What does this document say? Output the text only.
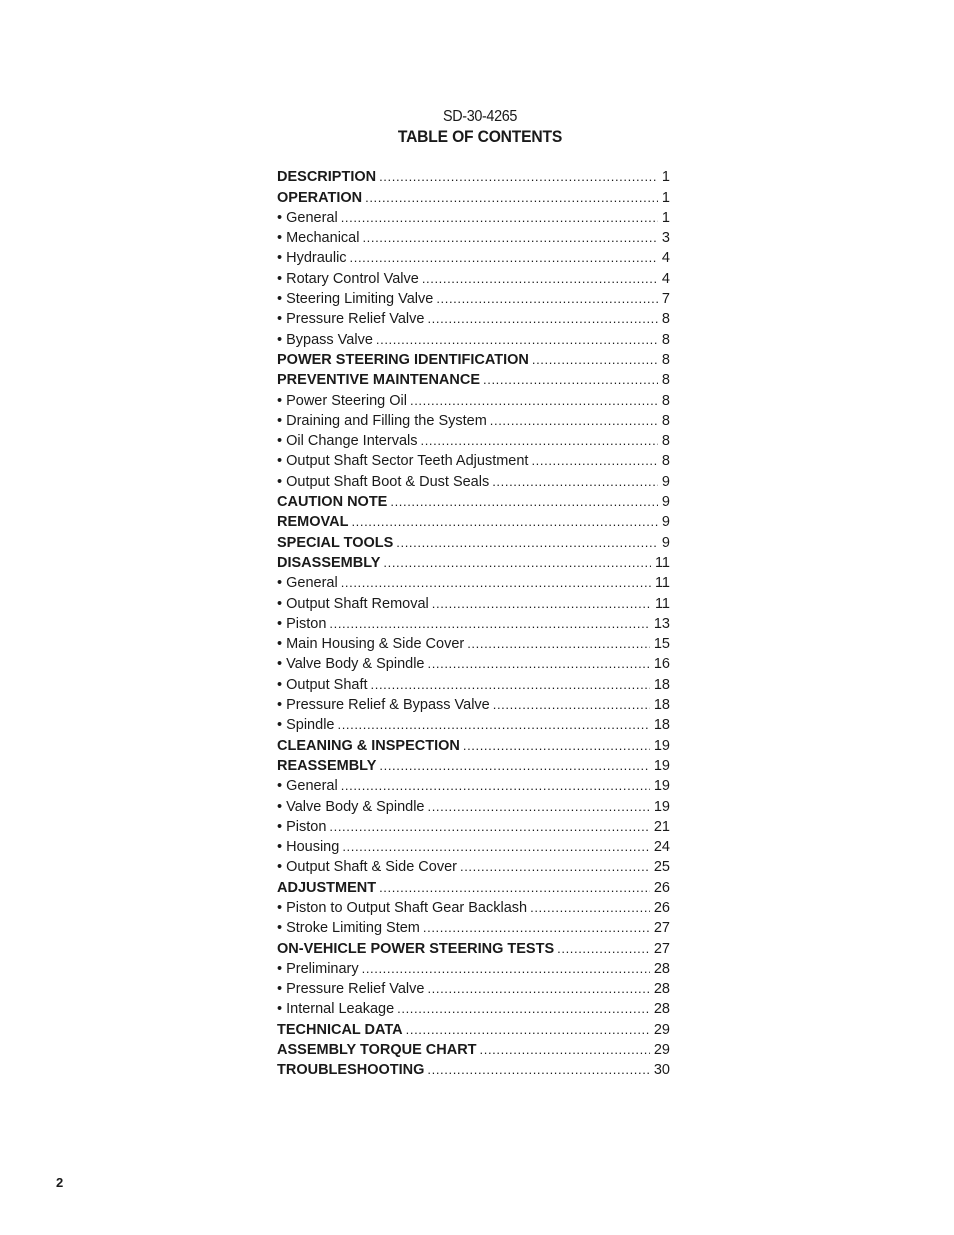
SD-30-4265
TABLE OF CONTENTS
DESCRIPTION .....	1
OPERATION .....	1
• General .....	1
• Mechanical .....	3
• Hydraulic .....	4
• Rotary Control Valve .....	4
• Steering Limiting Valve .....	7
• Pressure Relief Valve .....	8
• Bypass Valve .....	8
POWER STEERING IDENTIFICATION .....	8
PREVENTIVE MAINTENANCE .....	8
• Power Steering Oil .....	8
• Draining and Filling the System .....	8
• Oil Change Intervals .....	8
• Output Shaft Sector Teeth Adjustment .....	8
• Output Shaft Boot & Dust Seals .....	9
CAUTION NOTE .....	9
REMOVAL .....	9
SPECIAL TOOLS .....	9
DISASSEMBLY .....	11
• General .....	11
• Output Shaft Removal .....	11
• Piston .....	13
• Main Housing & Side Cover .....	15
• Valve Body & Spindle .....	16
• Output Shaft .....	18
• Pressure Relief & Bypass Valve .....	18
• Spindle .....	18
CLEANING & INSPECTION .....	19
REASSEMBLY .....	19
• General .....	19
• Valve Body & Spindle .....	19
• Piston .....	21
• Housing .....	24
• Output Shaft & Side Cover .....	25
ADJUSTMENT .....	26
• Piston to Output Shaft Gear Backlash .....	26
• Stroke Limiting Stem .....	27
ON-VEHICLE POWER STEERING TESTS .....	27
• Preliminary .....	28
• Pressure Relief Valve .....	28
• Internal Leakage .....	28
TECHNICAL DATA .....	29
ASSEMBLY TORQUE CHART .....	29
TROUBLESHOOTING .....	30
2
